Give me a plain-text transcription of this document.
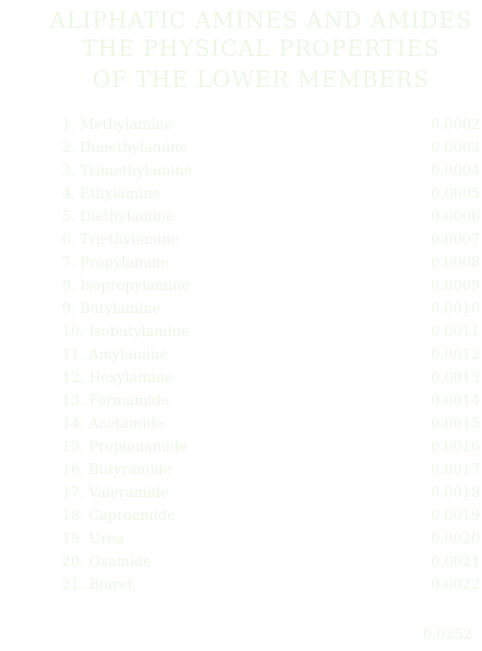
ALIPHATIC AMINES AND AMIDES
THE PHYSICAL PROPERTIES
OF THE LOWER MEMBERS
1. Methylamine	0.0002
2. Dimethylamine	0.0003
3. Trimethylamine	0.0004
4. Ethylamine	0.0005
5. Diethylamine	0.0006
6. Triethylamine	0.0007
7. Propylamine	0.0008
8. Isopropylamine	0.0009
9. Butylamine	0.0010
10. Isobutylamine	0.0011
11. Amylamine	0.0012
12. Hexylamine	0.0013
13. Formamide	0.0014
14. Acetamide	0.0015
15. Propionamide	0.0016
16. Butyramide	0.0017
17. Valeramide	0.0018
18. Caproamide	0.0019
19. Urea	0.0020
20. Oxamide	0.0021
21. Biuret	0.0022
0.0252
